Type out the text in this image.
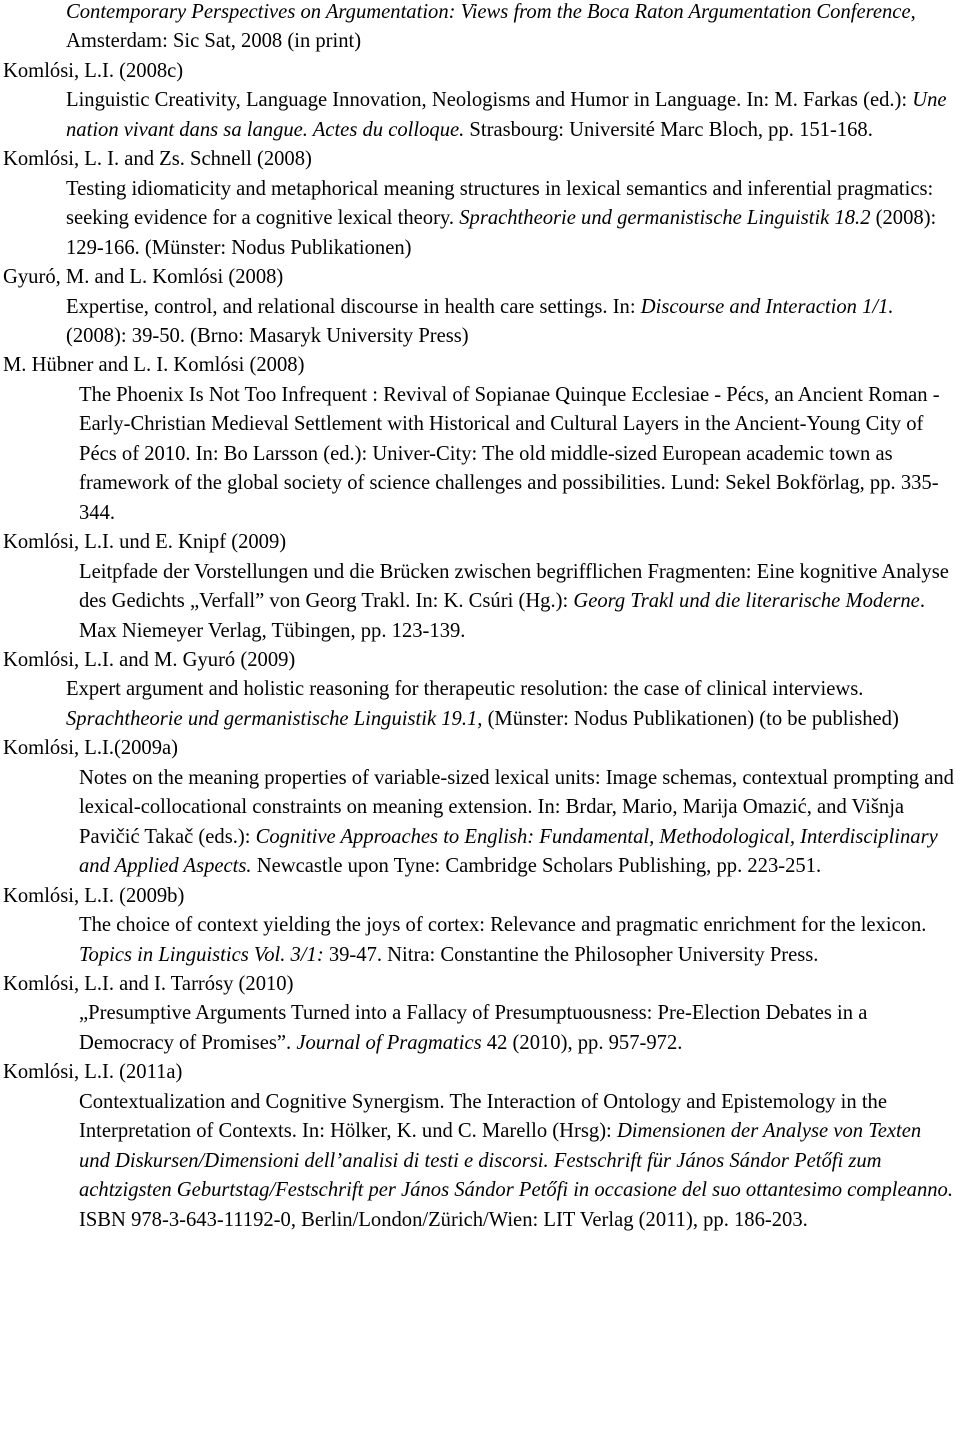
Contemporary Perspectives on Argumentation: Views from the Boca Raton Argumentation Conference, Amsterdam: Sic Sat, 2008 (in print)
Komlósi, L.I. (2008c)
Linguistic Creativity, Language Innovation, Neologisms and Humor in Language. In: M. Farkas (ed.): Une nation vivant dans sa langue. Actes du colloque. Strasbourg: Université Marc Bloch, pp. 151-168.
Komlósi, L. I. and Zs. Schnell (2008)
Testing idiomaticity and metaphorical meaning structures in lexical semantics and inferential pragmatics: seeking evidence for a cognitive lexical theory. Sprachtheorie und germanistische Linguistik 18.2 (2008): 129-166. (Münster: Nodus Publikationen)
Gyuró, M. and L. Komlósi (2008)
Expertise, control, and relational discourse in health care settings. In: Discourse and Interaction 1/1. (2008): 39-50. (Brno: Masaryk University Press)
M. Hübner and L. I. Komlósi (2008)
The Phoenix Is Not Too Infrequent : Revival of Sopianae Quinque Ecclesiae - Pécs, an Ancient Roman - Early-Christian Medieval Settlement with Historical and Cultural Layers in the Ancient-Young City of Pécs of 2010. In: Bo Larsson (ed.): Univer-City: The old middle-sized European academic town as framework of the global society of science challenges and possibilities. Lund: Sekel Bokförlag, pp. 335-344.
Komlósi, L.I. und E. Knipf (2009)
Leitpfade der Vorstellungen und die Brücken zwischen begrifflichen Fragmenten: Eine kognitive Analyse des Gedichts „Verfall” von Georg Trakl. In: K. Csúri (Hg.): Georg Trakl und die literarische Moderne. Max Niemeyer Verlag, Tübingen, pp. 123-139.
Komlósi, L.I. and M. Gyuró (2009)
Expert argument and holistic reasoning for therapeutic resolution: the case of clinical interviews. Sprachtheorie und germanistische Linguistik 19.1, (Münster: Nodus Publikationen) (to be published)
Komlósi, L.I.(2009a)
Notes on the meaning properties of variable-sized lexical units: Image schemas, contextual prompting and lexical-collocational constraints on meaning extension. In: Brdar, Mario, Marija Omazić, and Višnja Pavičić Takač (eds.): Cognitive Approaches to English: Fundamental, Methodological, Interdisciplinary and Applied Aspects. Newcastle upon Tyne: Cambridge Scholars Publishing, pp. 223-251.
Komlósi, L.I. (2009b)
The choice of context yielding the joys of cortex: Relevance and pragmatic enrichment for the lexicon. Topics in Linguistics Vol. 3/1: 39-47. Nitra: Constantine the Philosopher University Press.
Komlósi, L.I. and I. Tarrósy (2010)
„Presumptive Arguments Turned into a Fallacy of Presumptuousness: Pre-Election Debates in a Democracy of Promises”. Journal of Pragmatics 42 (2010), pp. 957-972.
Komlósi, L.I. (2011a)
Contextualization and Cognitive Synergism. The Interaction of Ontology and Epistemology in the Interpretation of Contexts. In: Hölker, K. und C. Marello (Hrsg): Dimensionen der Analyse von Texten und Diskursen/Dimensioni dell’analisi di testi e discorsi. Festschrift für János Sándor Petőfi zum achtzigsten Geburtstag/Festschrift per János Sándor Petőfi in occasione del suo ottantesimo compleanno. ISBN 978-3-643-11192-0, Berlin/London/Zürich/Wien: LIT Verlag (2011), pp. 186-203.
